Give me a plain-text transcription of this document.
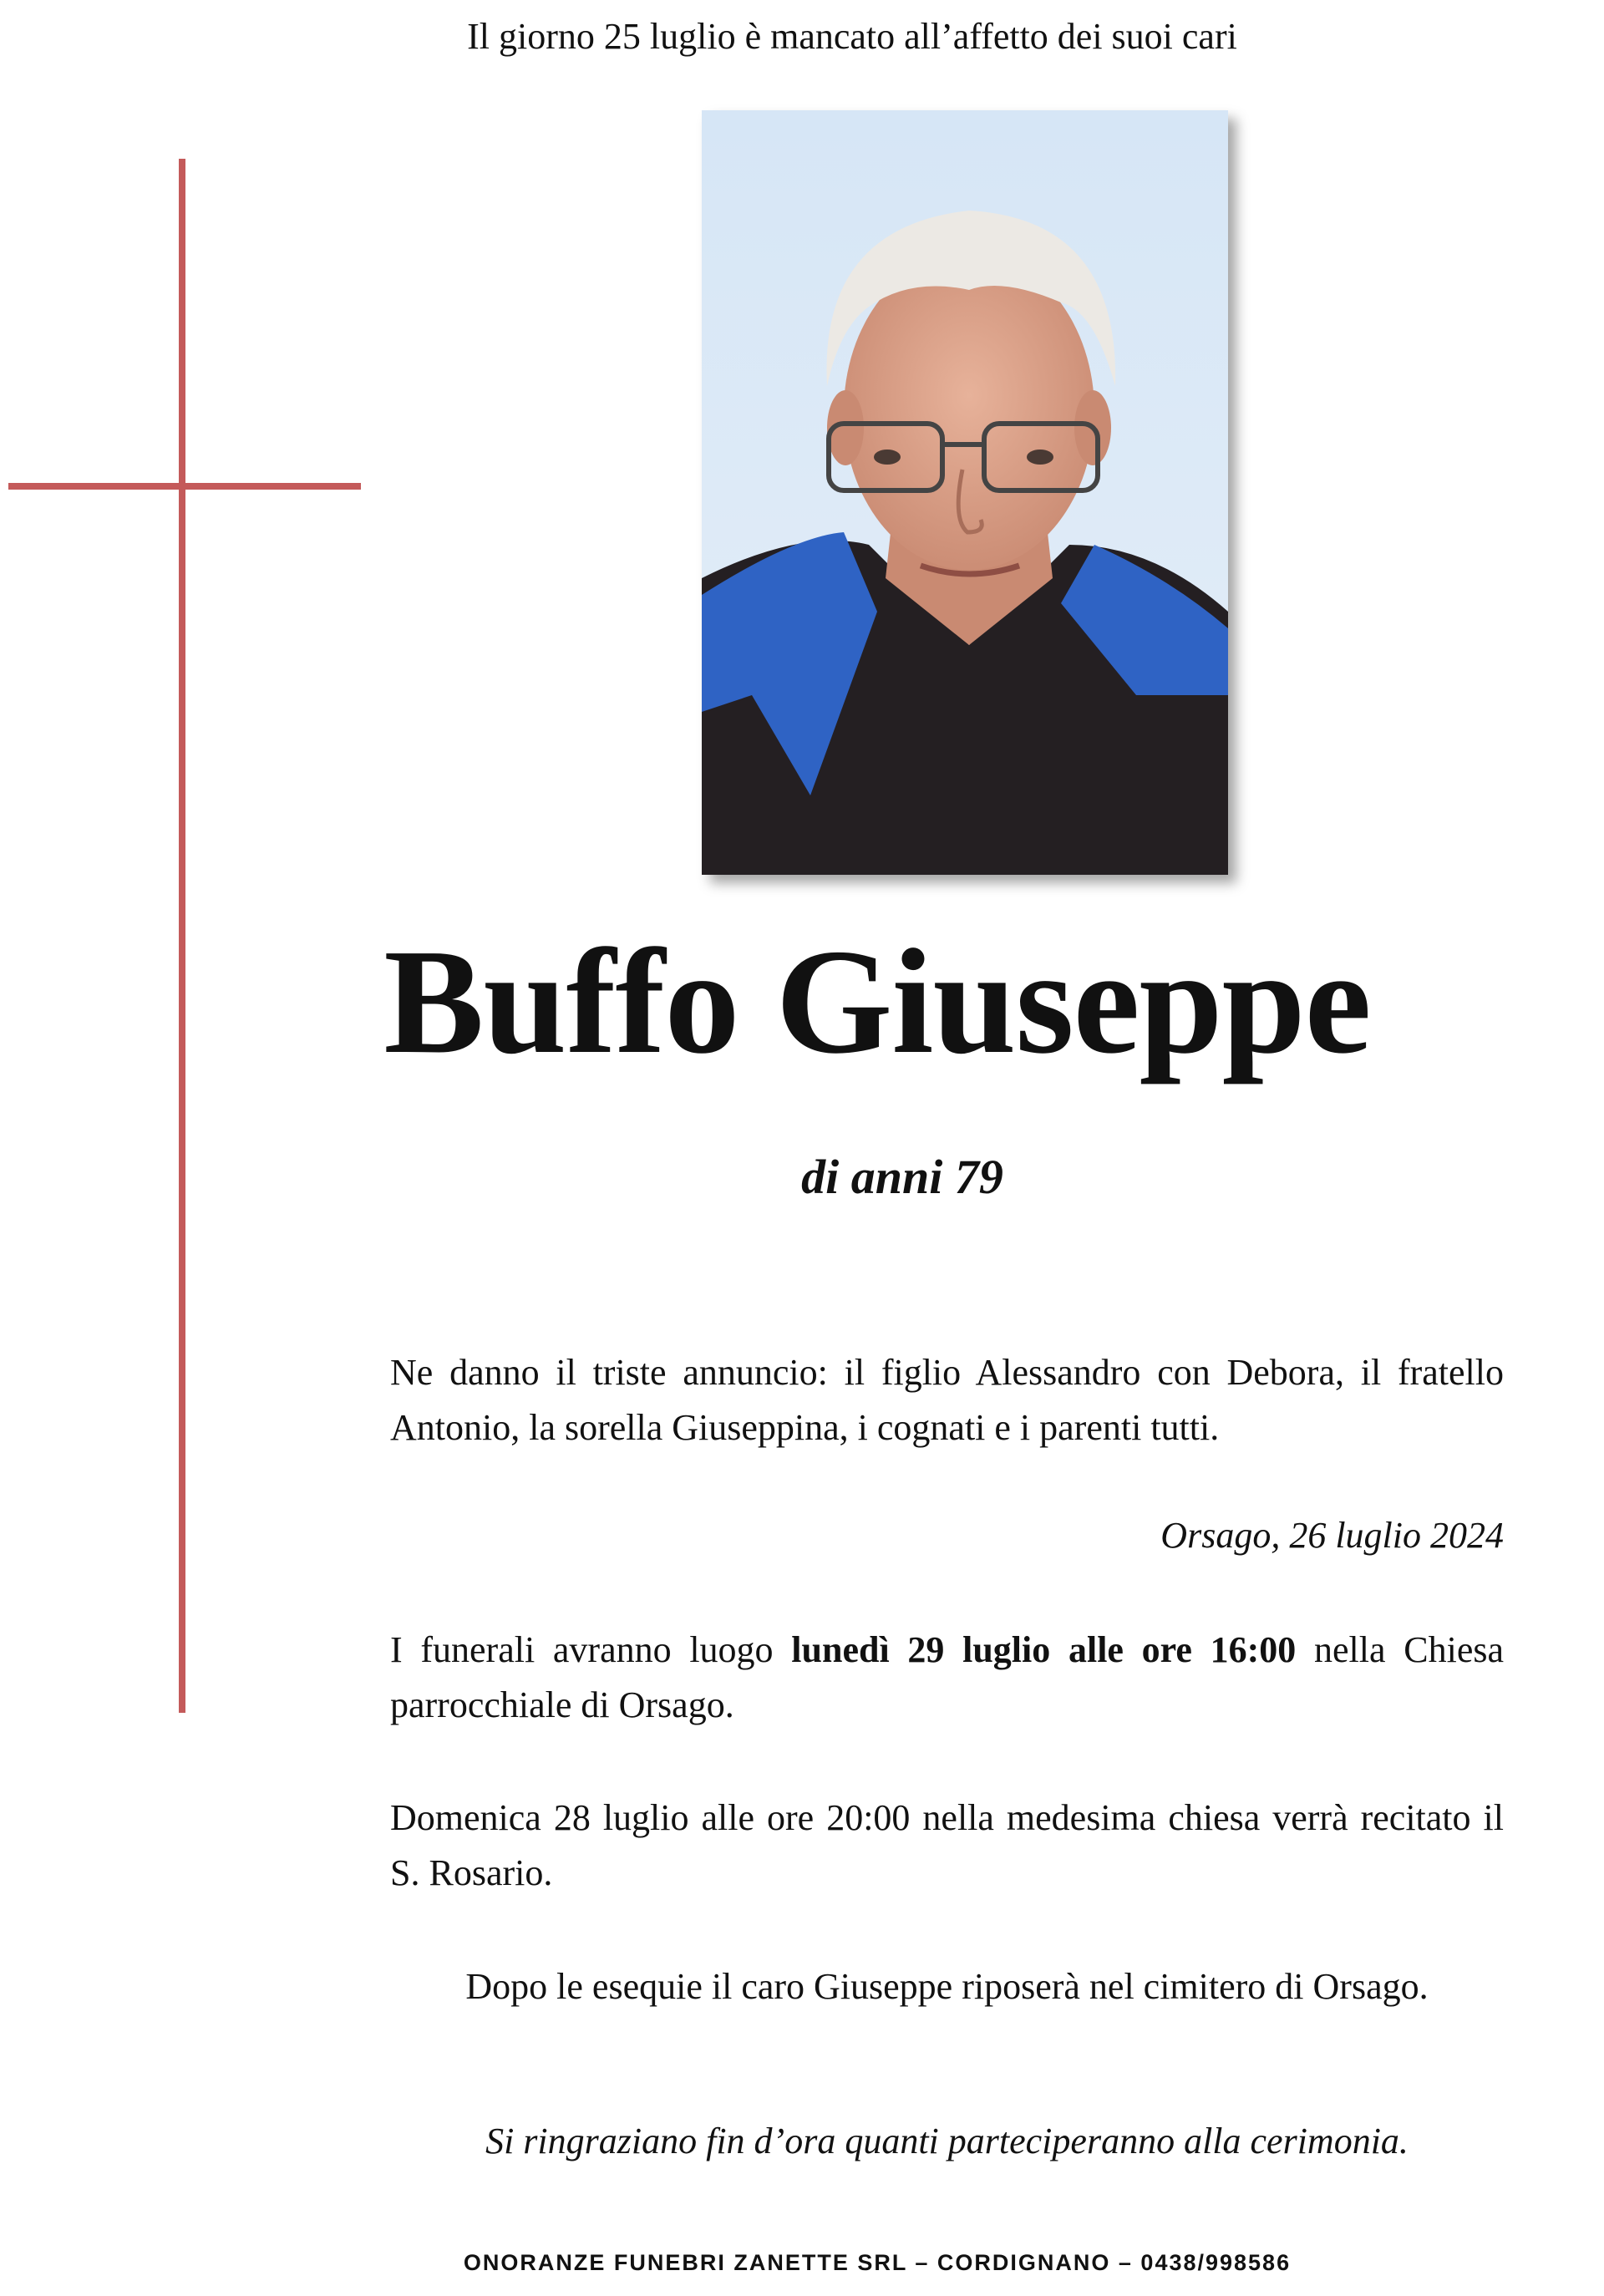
Il giorno 25 luglio è mancato all’affetto dei suoi cari
Buffo Giuseppe
di anni 79
Ne danno il triste annuncio: il figlio Alessandro con Debora, il fratello Antonio, la sorella Giuseppina, i cognati e i parenti tutti.
Orsago, 26 luglio 2024
I funerali avranno luogo lunedì 29 luglio alle ore 16:00 nella Chiesa parrocchiale di Orsago.
Domenica 28 luglio alle ore 20:00 nella medesima chiesa verrà recitato il S. Rosario.
Dopo le esequie il caro Giuseppe riposerà nel cimitero di Orsago.
Si ringraziano fin d’ora quanti parteciperanno alla cerimonia.
ONORANZE FUNEBRI ZANETTE SRL – CORDIGNANO – 0438/998586
